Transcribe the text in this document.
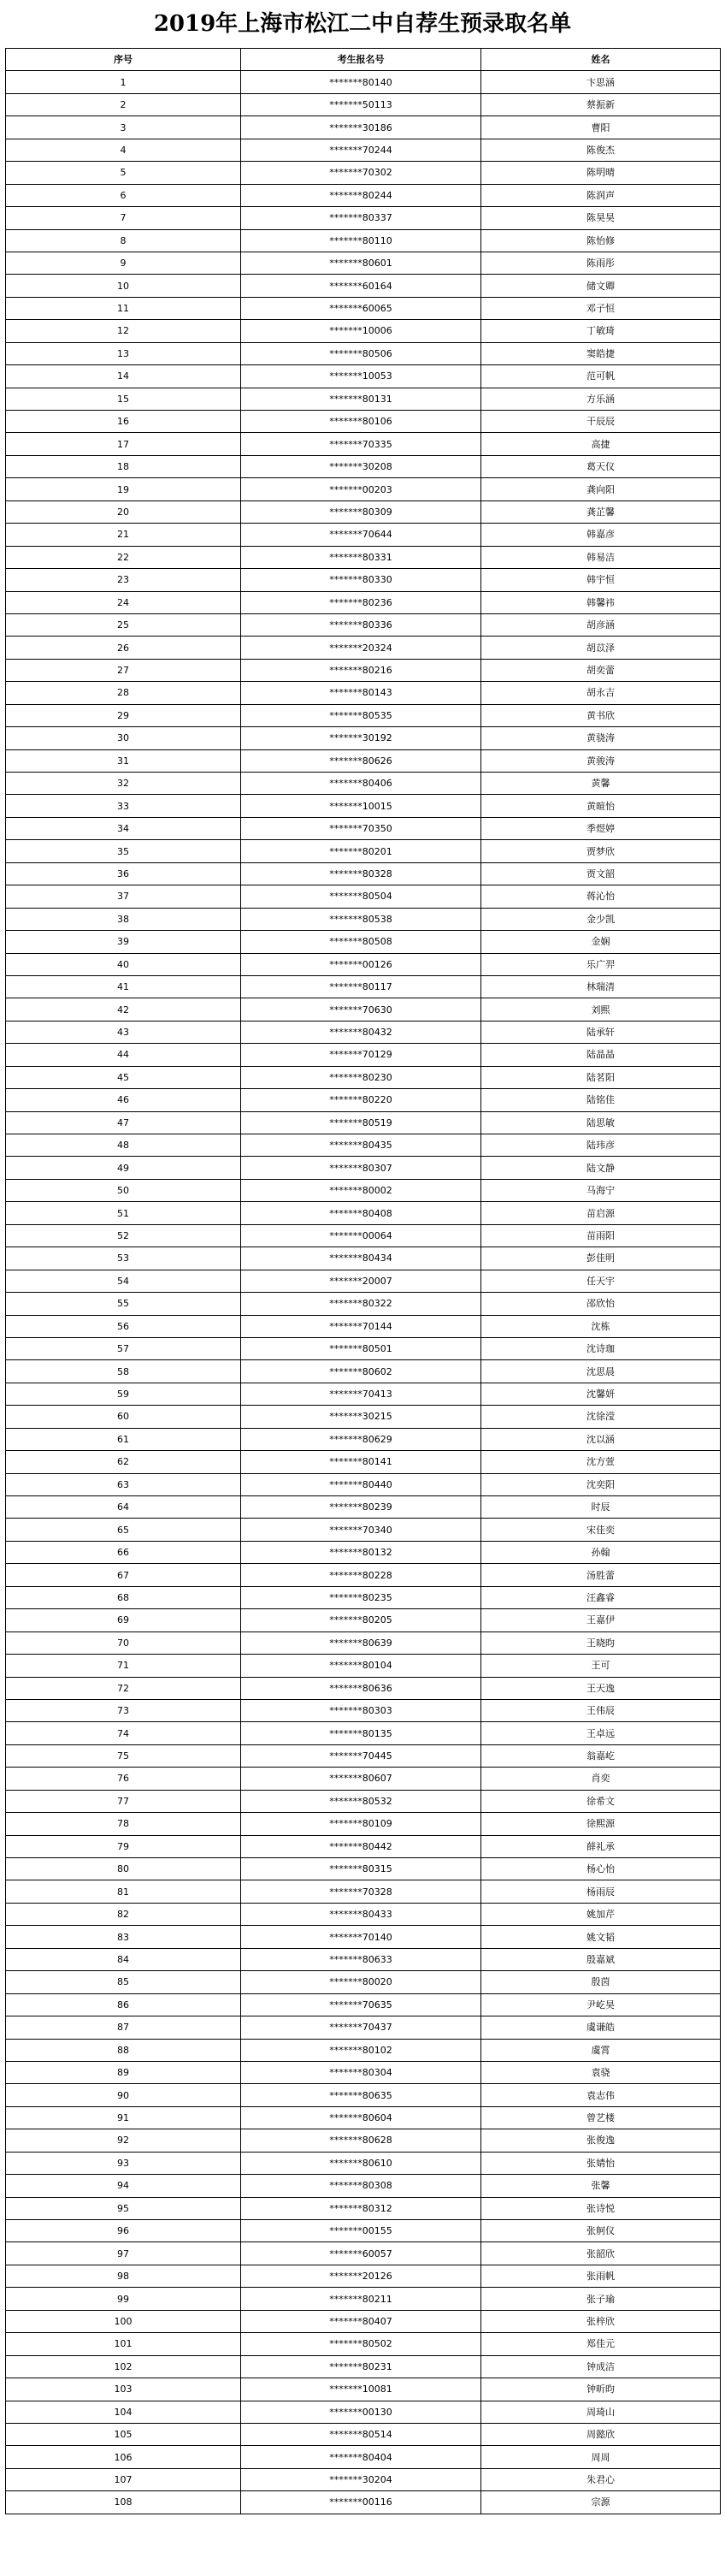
2019年上海市松江二中自荐生预录取名单
序号	考生报名号	姓名
1	*******80140	卞思涵
2	*******50113	蔡振新
3	*******30186	曹阳
4	*******70244	陈俊杰
5	*******70302	陈明晴
6	*******80244	陈润声
7	*******80337	陈昊昊
8	*******80110	陈怡修
9	*******80601	陈雨彤
10	*******60164	储文卿
11	*******60065	邓子恒
12	*******10006	丁敏琦
13	*******80506	窦皓捷
14	*******10053	范可帆
15	*******80131	方乐涵
16	*******80106	干辰辰
17	*******70335	高捷
18	*******30208	葛天仪
19	*******00203	龚向阳
20	*******80309	龚芷馨
21	*******70644	韩嘉彦
22	*******80331	韩易洁
23	*******80330	韩宇恒
24	*******80236	韩馨祎
25	*******80336	胡彦涵
26	*******20324	胡苡泽
27	*******80216	胡奕蕾
28	*******80143	胡永吉
29	*******80535	黄书欣
30	*******30192	黄骁涛
31	*******80626	黄骏涛
32	*******80406	黄馨
33	*******10015	黄暄怡
34	*******70350	季煜婷
35	*******80201	贾梦欣
36	*******80328	贾文韶
37	*******80504	蒋沁怡
38	*******80538	金少凯
39	*******80508	金娴
40	*******00126	乐广羿
41	*******80117	林瑞清
42	*******70630	刘熙
43	*******80432	陆承轩
44	*******70129	陆晶晶
45	*******80230	陆茗阳
46	*******80220	陆铭佳
47	*******80519	陆思敏
48	*******80435	陆玮彦
49	*******80307	陆文静
50	*******80002	马海宁
51	*******80408	苗启源
52	*******00064	苗雨阳
53	*******80434	彭佳明
54	*******20007	任天宇
55	*******80322	邵欣怡
56	*******70144	沈栋
57	*******80501	沈诗珈
58	*******80602	沈思晨
59	*******70413	沈馨妍
60	*******30215	沈徐滢
61	*******80629	沈以涵
62	*******80141	沈方萱
63	*******80440	沈奕阳
64	*******80239	时辰
65	*******70340	宋佳奕
66	*******80132	孙翰
67	*******80228	汤胜蕾
68	*******80235	汪鑫睿
69	*******80205	王嘉伊
70	*******80639	王晓昀
71	*******80104	王可
72	*******80636	王天逸
73	*******80303	王伟辰
74	*******80135	王卓远
75	*******70445	翁嘉屹
76	*******80607	肖奕
77	*******80532	徐希文
78	*******80109	徐熙源
79	*******80442	薛礼承
80	*******80315	杨心怡
81	*******70328	杨雨辰
82	*******80433	姚加芹
83	*******70140	姚文韬
84	*******80633	殷嘉斌
85	*******80020	殷茵
86	*******70635	尹屹昊
87	*******70437	虞谦皓
88	*******80102	虞霄
89	*******80304	袁骁
90	*******80635	袁志伟
91	*******80604	曾艺楼
92	*******80628	张俊逸
93	*******80610	张婧怡
94	*******80308	张馨
95	*******80312	张诗悦
96	*******00155	张舸仪
97	*******60057	张韶欣
98	*******20126	张雨帆
99	*******80211	张子瑜
100	*******80407	张梓欣
101	*******80502	郑佳元
102	*******80231	钟成洁
103	*******10081	钟昕昀
104	*******00130	周琦山
105	*******80514	周懿欣
106	*******80404	周周
107	*******30204	朱君心
108	*******00116	宗源
